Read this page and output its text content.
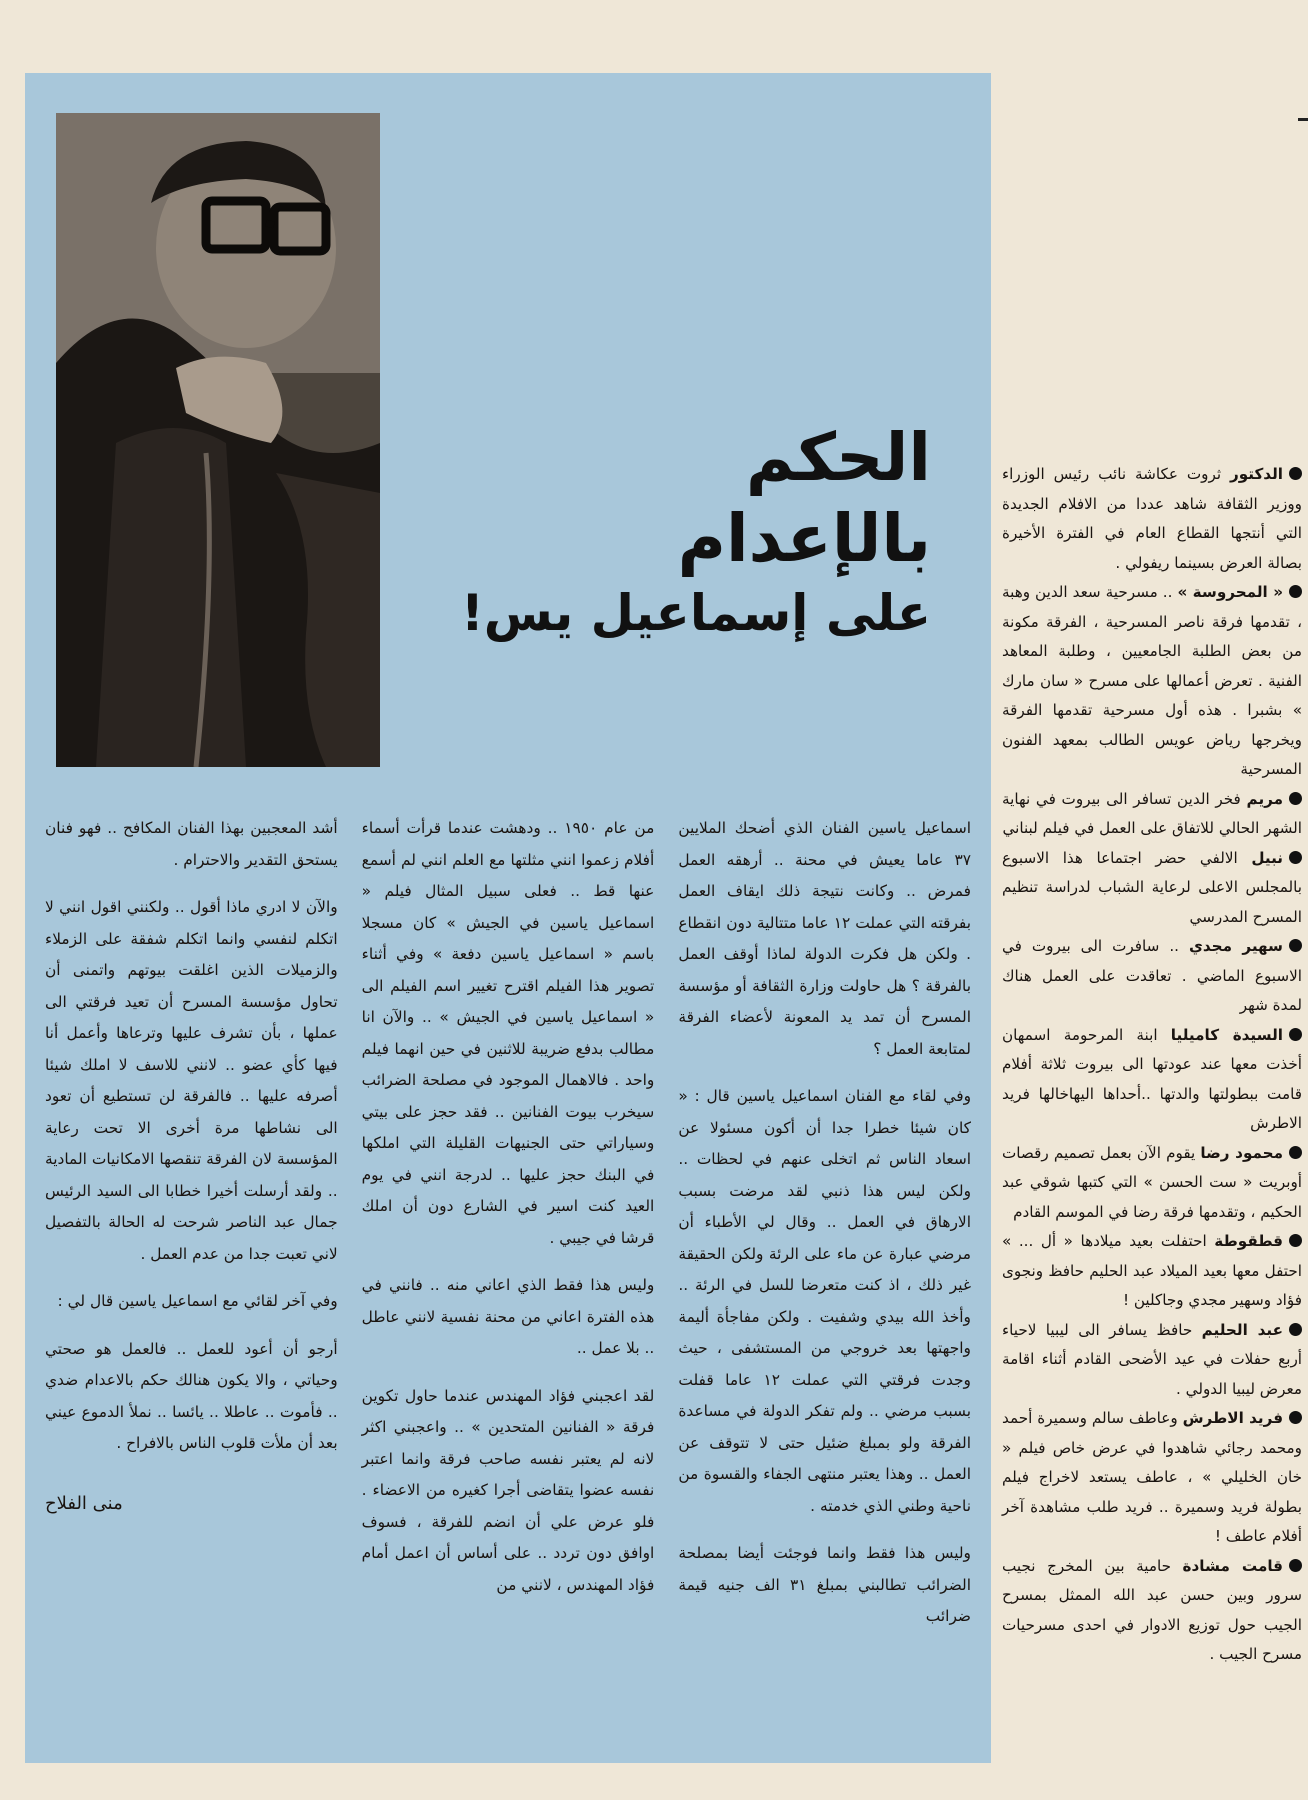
الحكم
بالإعدام
على إسماعيل يس!

اسماعيل ياسين الفنان الذي أضحك الملايين ٣٧ عاما يعيش في محنة .. أرهقه العمل فمرض .. وكانت نتيجة ذلك ايقاف العمل بفرقته التي عملت ١٢ عاما متتالية دون انقطاع . ولكن هل فكرت الدولة لماذا أوقف العمل بالفرقة ؟ هل حاولت وزارة الثقافة أو مؤسسة المسرح أن تمد يد المعونة لأعضاء الفرقة لمتابعة العمل ؟

وفي لقاء مع الفنان اسماعيل ياسين قال : « كان شيئا خطرا جدا أن أكون مسئولا عن اسعاد الناس ثم اتخلى عنهم في لحظات .. ولكن ليس هذا ذنبي لقد مرضت بسبب الارهاق في العمل .. وقال لي الأطباء أن مرضي عبارة عن ماء على الرئة ولكن الحقيقة غير ذلك ، اذ كنت متعرضا للسل في الرئة .. وأخذ الله بيدي وشفيت . ولكن مفاجأة أليمة واجهتها بعد خروجي من المستشفى ، حيث وجدت فرقتي التي عملت ١٢ عاما قفلت بسبب مرضي .. ولم تفكر الدولة في مساعدة الفرقة ولو بمبلغ ضئيل حتى لا تتوقف عن العمل .. وهذا يعتبر منتهى الجفاء والقسوة من ناحية وطني الذي خدمته .

وليس هذا فقط وانما فوجئت أيضا بمصلحة الضرائب تطالبني بمبلغ ٣١ الف جنيه قيمة ضرائب

من عام ١٩٥٠ .. ودهشت عندما قرأت أسماء أفلام زعموا انني مثلتها مع العلم انني لم أسمع عنها قط .. فعلى سبيل المثال فيلم « اسماعيل ياسين في الجيش » كان مسجلا باسم « اسماعيل ياسين دفعة » وفي أثناء تصوير هذا الفيلم اقترح تغيير اسم الفيلم الى « اسماعيل ياسين في الجيش » .. والآن انا مطالب بدفع ضريبة للاثنين في حين انهما فيلم واحد . فالاهمال الموجود في مصلحة الضرائب سيخرب بيوت الفنانين .. فقد حجز على بيتي وسياراتي حتى الجنيهات القليلة التي املكها في البنك حجز عليها .. لدرجة انني في يوم العيد كنت اسير في الشارع دون أن املك قرشا في جيبي .

وليس هذا فقط الذي اعاني منه .. فانني في هذه الفترة اعاني من محنة نفسية لانني عاطل .. بلا عمل ..

لقد اعجبني فؤاد المهندس عندما حاول تكوين فرقة « الفنانين المتحدين » .. واعجبني اكثر لانه لم يعتبر نفسه صاحب فرقة وانما اعتبر نفسه عضوا يتقاضى أجرا كغيره من الاعضاء . فلو عرض علي أن انضم للفرقة ، فسوف اوافق دون تردد .. على أساس أن اعمل أمام فؤاد المهندس ، لانني من

أشد المعجبين بهذا الفنان المكافح .. فهو فنان يستحق التقدير والاحترام .

والآن لا ادري ماذا أقول .. ولكنني اقول انني لا اتكلم لنفسي وانما اتكلم شفقة على الزملاء والزميلات الذين اغلقت بيوتهم واتمنى أن تحاول مؤسسة المسرح أن تعيد فرقتي الى عملها ، بأن تشرف عليها وترعاها وأعمل أنا فيها كأي عضو .. لانني للاسف لا املك شيئا أصرفه عليها .. فالفرقة لن تستطيع أن تعود الى نشاطها مرة أخرى الا تحت رعاية المؤسسة لان الفرقة تنقصها الامكانيات المادية .. ولقد أرسلت أخيرا خطابا الى السيد الرئيس جمال عبد الناصر شرحت له الحالة بالتفصيل لاني تعبت جدا من عدم العمل .

وفي آخر لقائي مع اسماعيل ياسين قال لي :

أرجو أن أعود للعمل .. فالعمل هو صحتي وحياتي ، والا يكون هنالك حكم بالاعدام ضدي .. فأموت .. عاطلا .. يائسا .. نملأ الدموع عيني بعد أن ملأت قلوب الناس بالافراح .

منى الفلاح

الدكتور ثروت عكاشة نائب رئيس الوزراء ووزير الثقافة شاهد عددا من الافلام الجديدة التي أنتجها القطاع العام في الفترة الأخيرة بصالة العرض بسينما ريفولي .

« المحروسة » .. مسرحية سعد الدين وهبة ، تقدمها فرقة ناصر المسرحية ، الفرقة مكونة من بعض الطلبة الجامعيين ، وطلبة المعاهد الفنية . تعرض أعمالها على مسرح « سان مارك » بشبرا . هذه أول مسرحية تقدمها الفرقة ويخرجها رياض عويس الطالب بمعهد الفنون المسرحية

مريم فخر الدين تسافر الى بيروت في نهاية الشهر الحالي للاتفاق على العمل في فيلم لبناني

نبيل الالفي حضر اجتماعا هذا الاسبوع بالمجلس الاعلى لرعاية الشباب لدراسة تنظيم المسرح المدرسي

سهير مجدي .. سافرت الى بيروت في الاسبوع الماضي . تعاقدت على العمل هناك لمدة شهر

السيدة كاميليا ابنة المرحومة اسمهان أخذت معها عند عودتها الى بيروت ثلاثة أفلام قامت ببطولتها والدتها ..أحداها اليهاخالها فريد الاطرش

محمود رضا يقوم الآن بعمل تصميم رقصات أوبريت « ست الحسن » التي كتبها شوقي عبد الحكيم ، وتقدمها فرقة رضا في الموسم القادم

قطقوطة احتفلت بعيد ميلادها « أل ... » احتفل معها بعيد الميلاد عبد الحليم حافظ ونجوى فؤاد وسهير مجدي وجاكلين !

عبد الحليم حافظ يسافر الى ليبيا لاحياء أربع حفلات في عيد الأضحى القادم أثناء اقامة معرض ليبيا الدولي .

فريد الاطرش وعاطف سالم وسميرة أحمد ومحمد رجائي شاهدوا في عرض خاص فيلم « خان الخليلي » ، عاطف يستعد لاخراج فيلم بطولة فريد وسميرة .. فريد طلب مشاهدة آخر أفلام عاطف !

قامت مشادة حامية بين المخرج نجيب سرور وبين حسن عبد الله الممثل بمسرح الجيب حول توزيع الادوار في احدى مسرحيات مسرح الجيب .
